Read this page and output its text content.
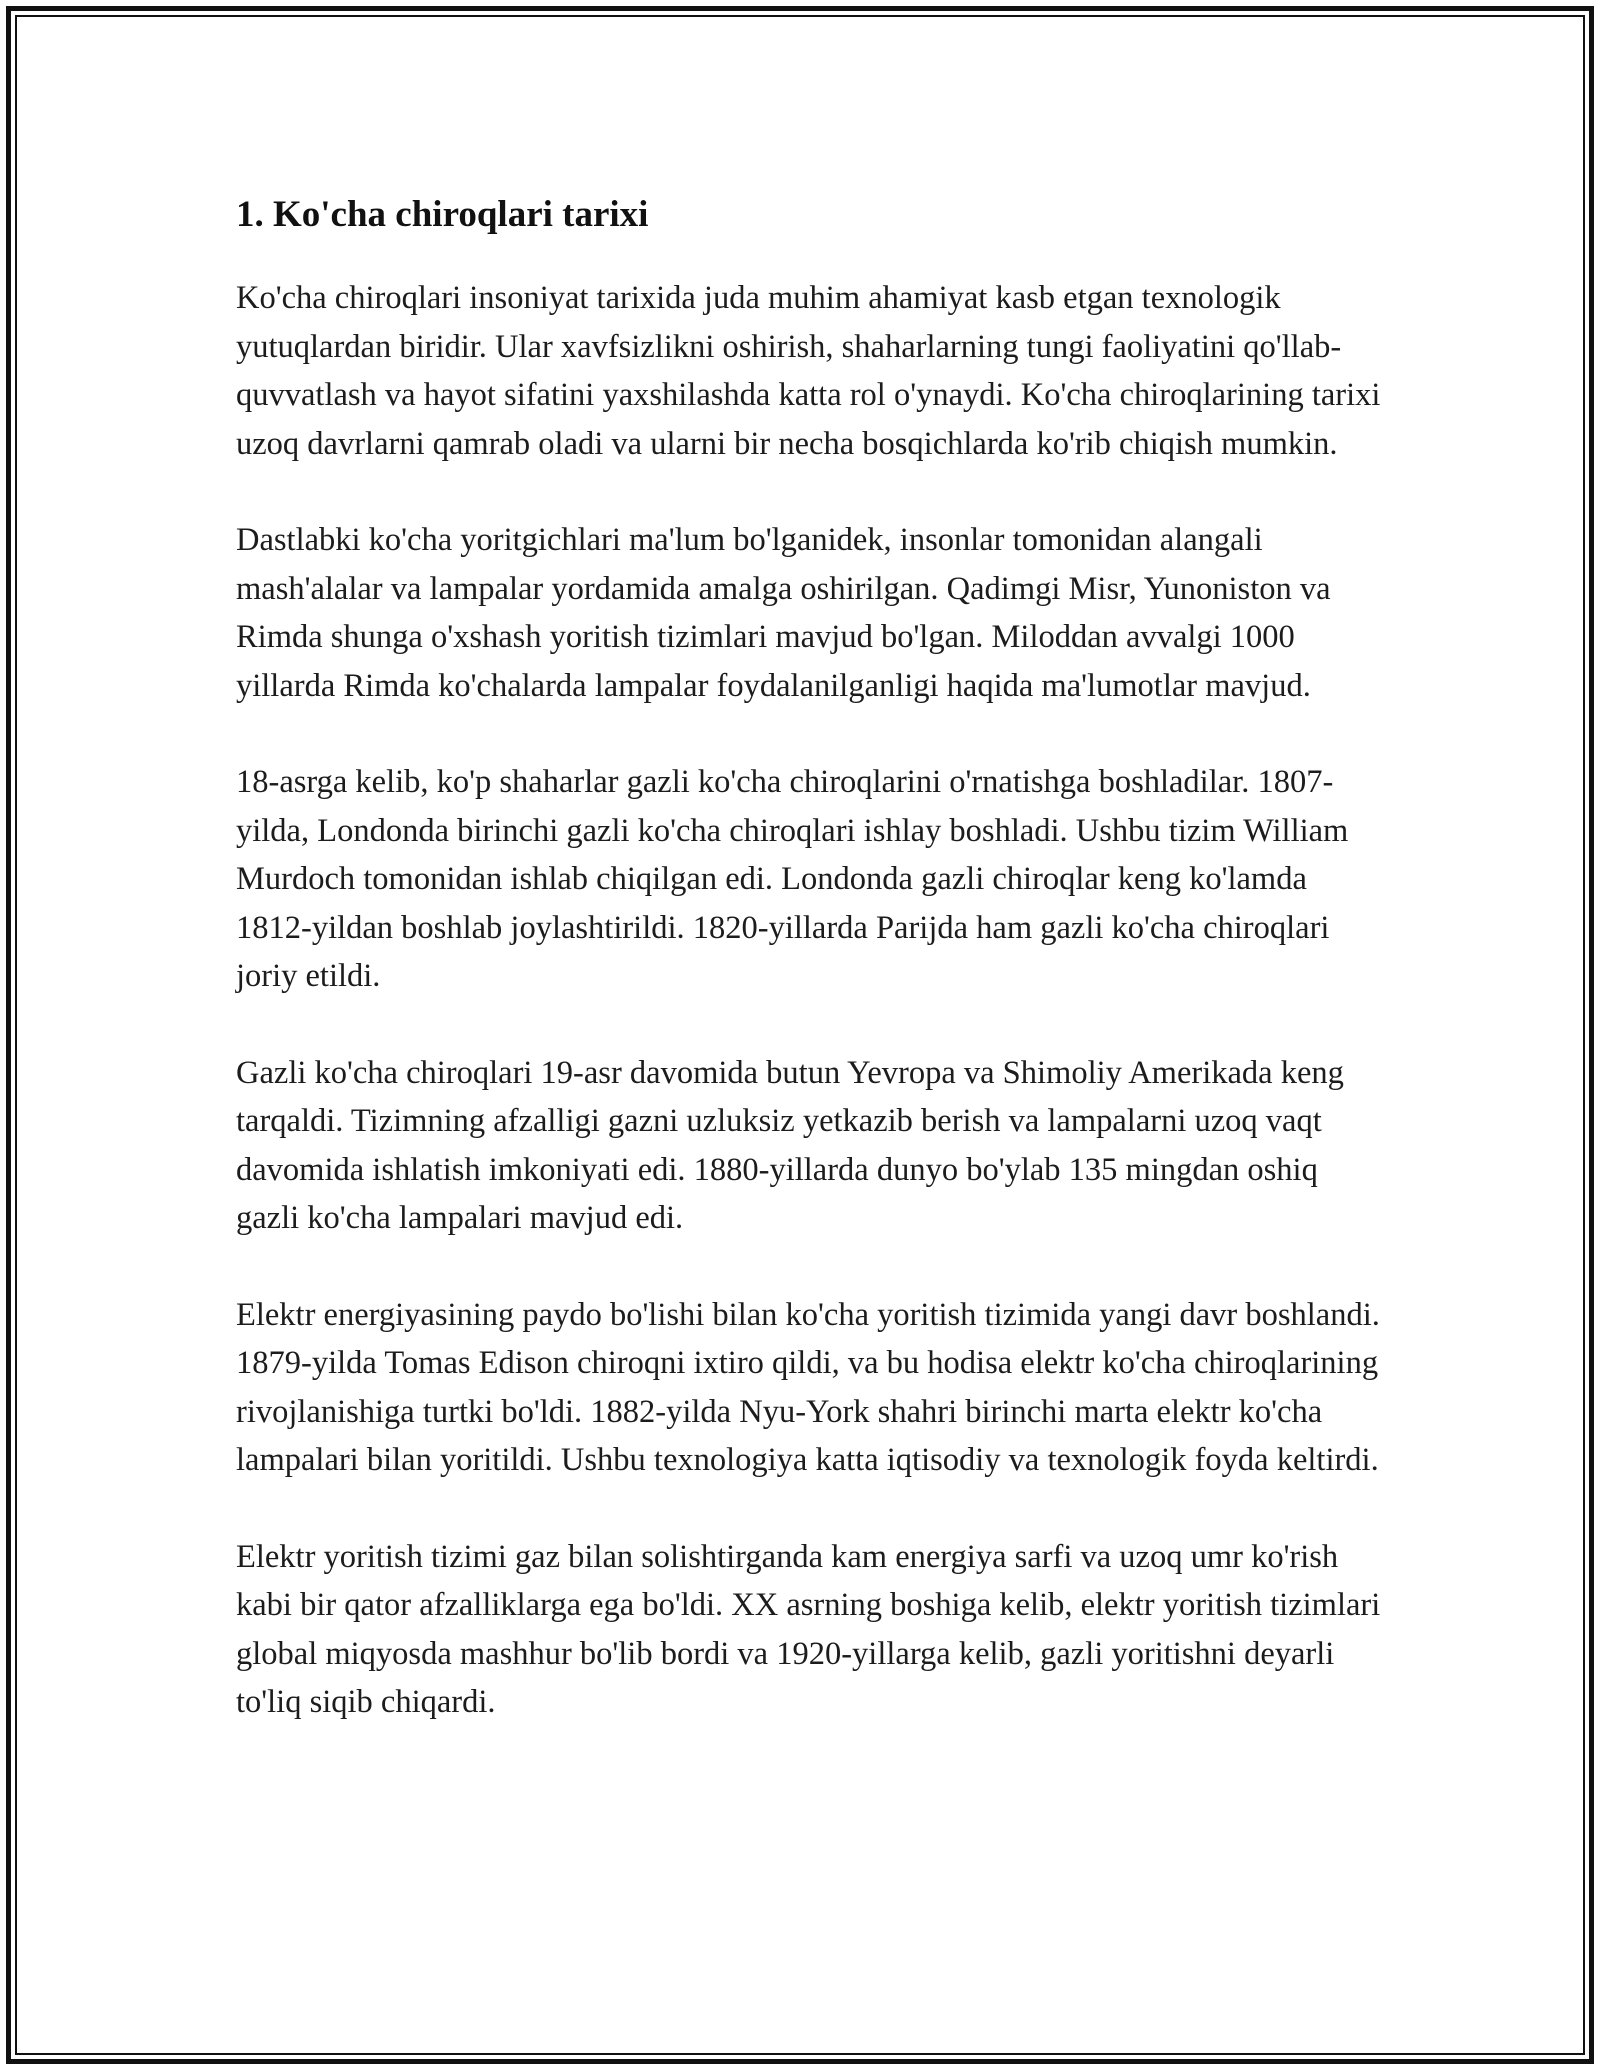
1. Ko'cha chiroqlari tarixi

Ko'cha chiroqlari insoniyat tarixida juda muhim ahamiyat kasb etgan texnologik yutuqlardan biridir. Ular xavfsizlikni oshirish, shaharlarning tungi faoliyatini qo'llab-quvvatlash va hayot sifatini yaxshilashda katta rol o'ynaydi. Ko'cha chiroqlarining tarixi uzoq davrlarni qamrab oladi va ularni bir necha bosqichlarda ko'rib chiqish mumkin.

Dastlabki ko'cha yoritgichlari ma'lum bo'lganidek, insonlar tomonidan alangali mash'alalar va lampalar yordamida amalga oshirilgan. Qadimgi Misr, Yunoniston va Rimda shunga o'xshash yoritish tizimlari mavjud bo'lgan. Miloddan avvalgi 1000 yillarda Rimda ko'chalarda lampalar foydalanilganligi haqida ma'lumotlar mavjud.

18-asrga kelib, ko'p shaharlar gazli ko'cha chiroqlarini o'rnatishga boshladilar. 1807-yilda, Londonda birinchi gazli ko'cha chiroqlari ishlay boshladi. Ushbu tizim William Murdoch tomonidan ishlab chiqilgan edi. Londonda gazli chiroqlar keng ko'lamda 1812-yildan boshlab joylashtirildi. 1820-yillarda Parijda ham gazli ko'cha chiroqlari joriy etildi.

Gazli ko'cha chiroqlari 19-asr davomida butun Yevropa va Shimoliy Amerikada keng tarqaldi. Tizimning afzalligi gazni uzluksiz yetkazib berish va lampalarni uzoq vaqt davomida ishlatish imkoniyati edi. 1880-yillarda dunyo bo'ylab 135 mingdan oshiq gazli ko'cha lampalari mavjud edi.

Elektr energiyasining paydo bo'lishi bilan ko'cha yoritish tizimida yangi davr boshlandi. 1879-yilda Tomas Edison chiroqni ixtiro qildi, va bu hodisa elektr ko'cha chiroqlarining rivojlanishiga turtki bo'ldi. 1882-yilda Nyu-York shahri birinchi marta elektr ko'cha lampalari bilan yoritildi. Ushbu texnologiya katta iqtisodiy va texnologik foyda keltirdi.

Elektr yoritish tizimi gaz bilan solishtirganda kam energiya sarfi va uzoq umr ko'rish kabi bir qator afzalliklarga ega bo'ldi. XX asrning boshiga kelib, elektr yoritish tizimlari global miqyosda mashhur bo'lib bordi va 1920-yillarga kelib, gazli yoritishni deyarli to'liq siqib chiqardi.
